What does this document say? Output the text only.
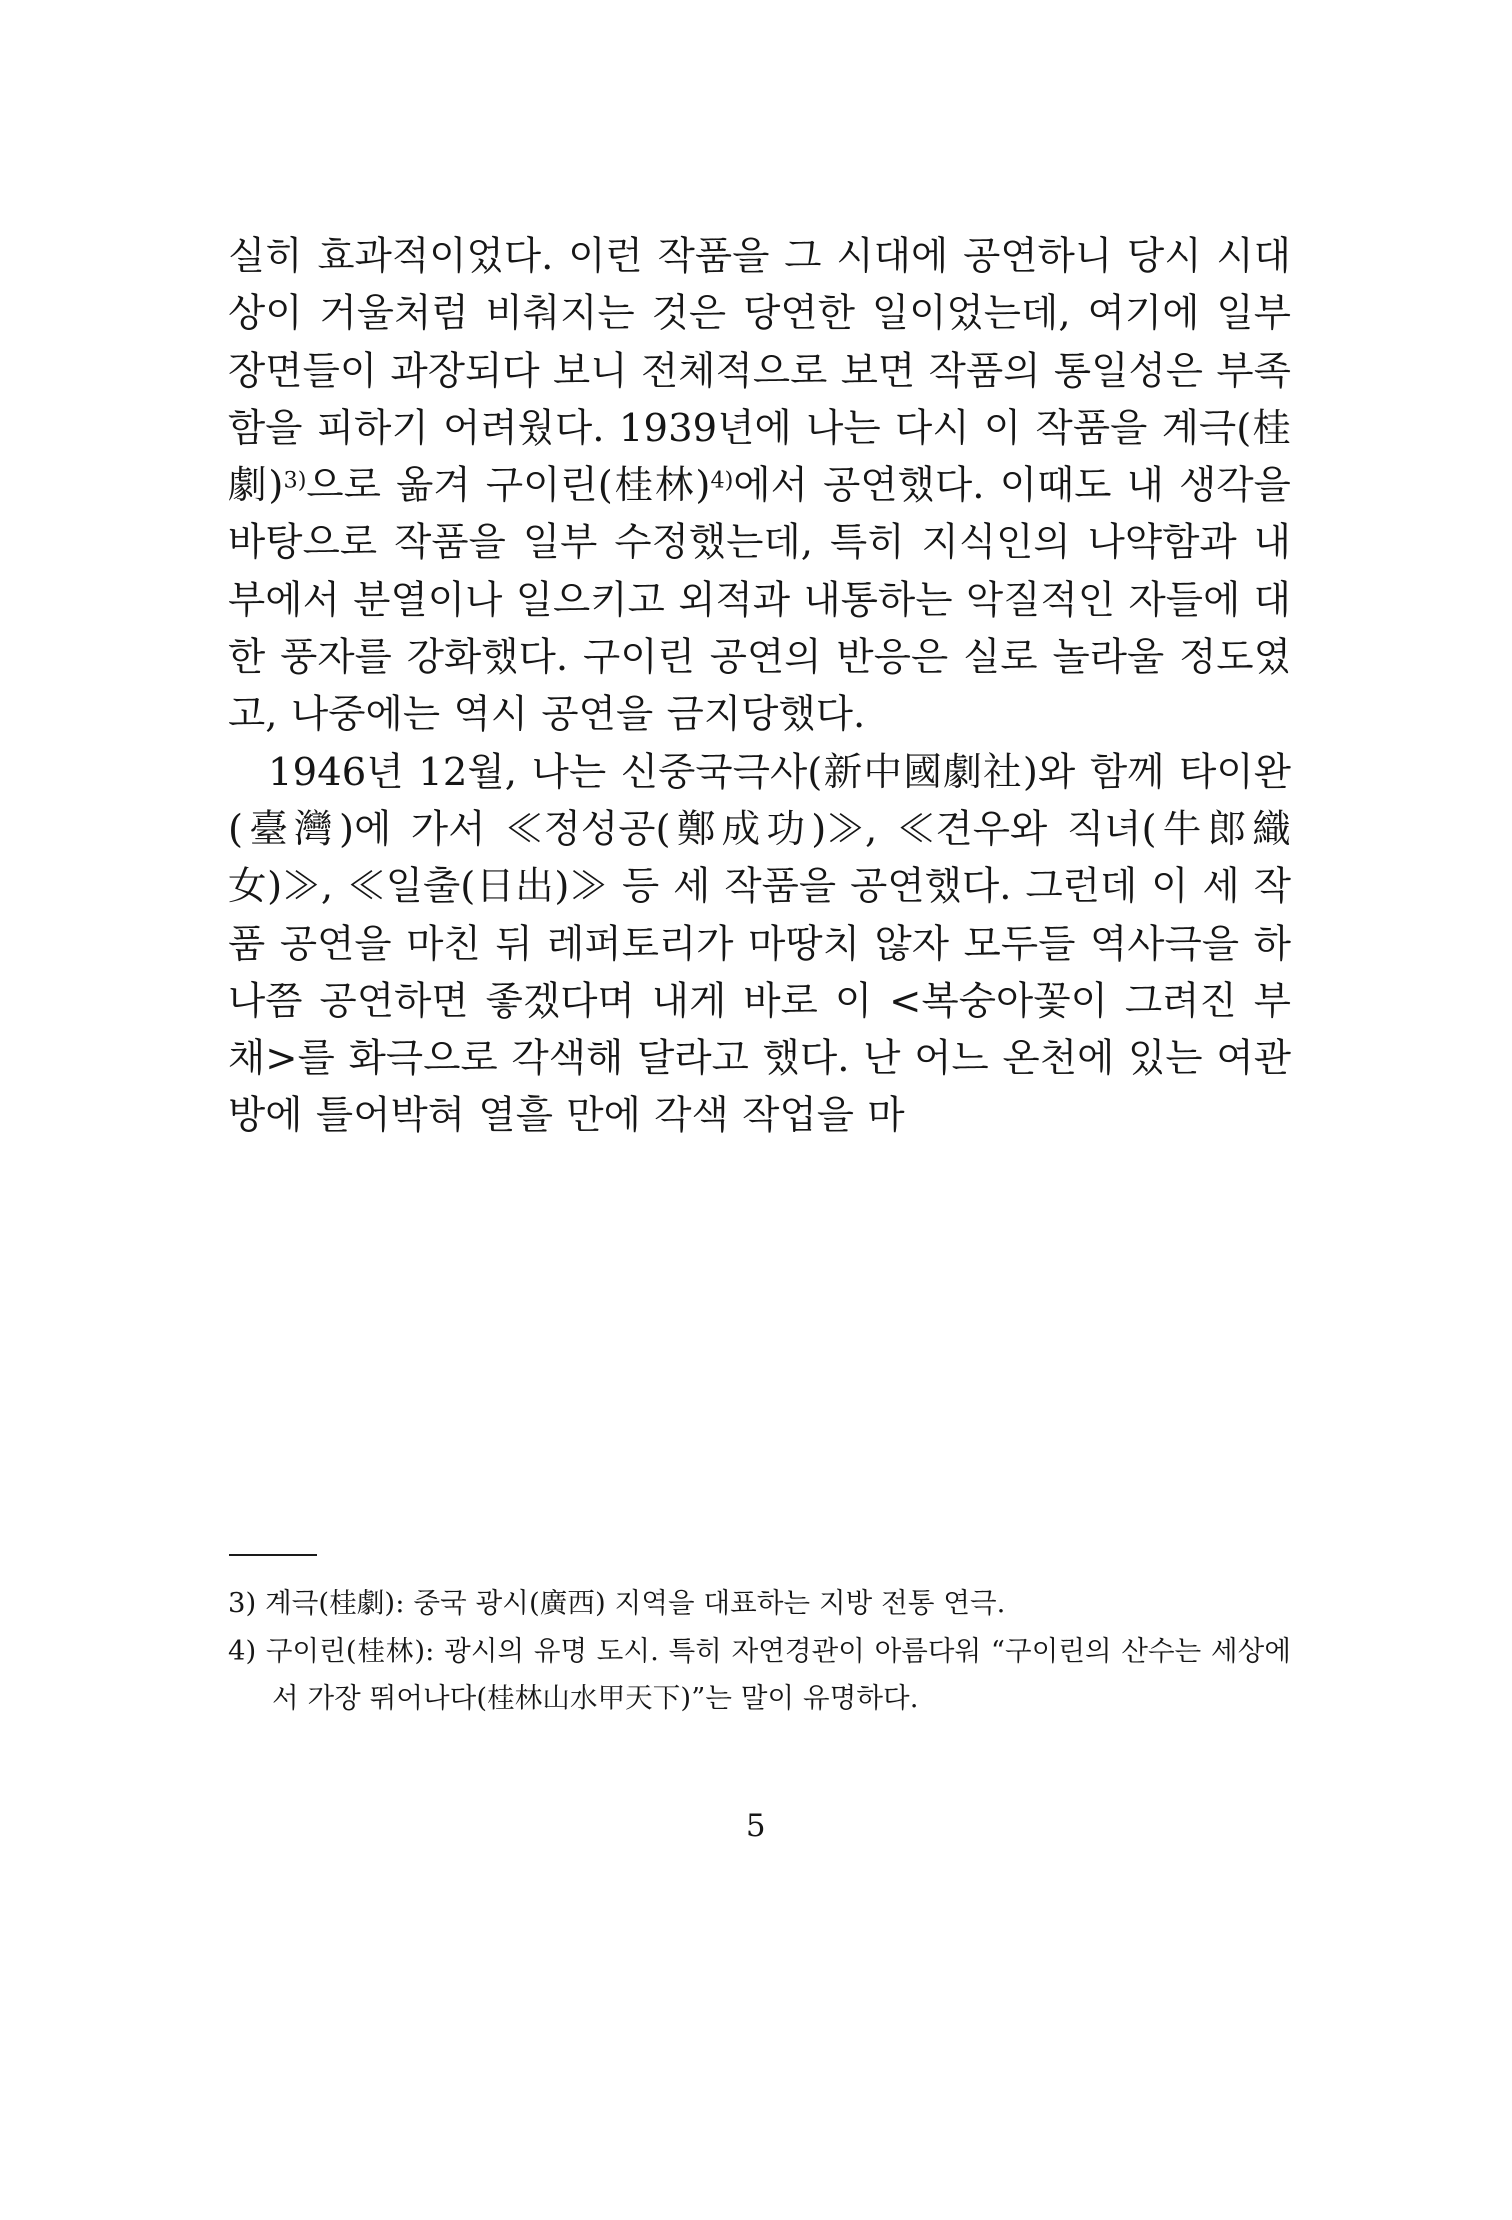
실히 효과적이었다. 이런 작품을 그 시대에 공연하니 당시 시대상이 거울처럼 비춰지는 것은 당연한 일이었는데, 여기에 일부 장면들이 과장되다 보니 전체적으로 보면 작품의 통일성은 부족함을 피하기 어려웠다. 1939년에 나는 다시 이 작품을 계극(桂劇)$^{3)}$으로 옮겨 구이린(桂林)$^{4)}$에서 공연했다. 이때도 내 생각을 바탕으로 작품을 일부 수정했는데, 특히 지식인의 나약함과 내부에서 분열이나 일으키고 외적과 내통하는 악질적인 자들에 대한 풍자를 강화했다. 구이린 공연의 반응은 실로 놀라울 정도였고, 나중에는 역시 공연을 금지당했다.

1946년 12월, 나는 신중국극사(新中國劇社)와 함께 타이완(臺灣)에 가서 ≪정성공(鄭成功)≫, ≪견우와 직녀(牛郎織女)≫, ≪일출(日出)≫ 등 세 작품을 공연했다. 그런데 이 세 작품 공연을 마친 뒤 레퍼토리가 마땅치 않자 모두들 역사극을 하나쯤 공연하면 좋겠다며 내게 바로 이 <복숭아꽃이 그려진 부채>를 화극으로 각색해 달라고 했다. 난 어느 온천에 있는 여관방에 틀어박혀 열흘 만에 각색 작업을 마

3) 계극(桂劇): 중국 광시(廣西) 지역을 대표하는 지방 전통 연극.

4) 구이린(桂林): 광시의 유명 도시. 특히 자연경관이 아름다워 “구이린의 산수는 세상에서 가장 뛰어나다(桂林山水甲天下)”는 말이 유명하다.

5
